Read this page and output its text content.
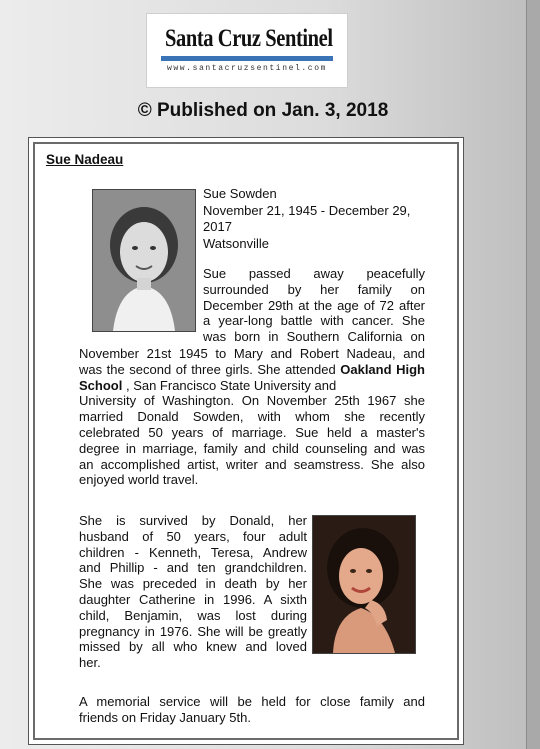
Santa Cruz Sentinel
www.santacruzsentinel.com
© Published on Jan. 3, 2018
Sue Nadeau
Sue Sowden
November 21, 1945 - December 29,
2017
Watsonville
Sue passed away peacefully
surrounded by her family on
December 29th at the age of 72 after
a year-long battle with cancer. She
was born in Southern California on
November 21st 1945 to Mary and Robert Nadeau, and
was the second of three girls. She attended Oakland High School , San Francisco State University and
University of Washington. On November 25th 1967 she
married Donald Sowden, with whom she recently
celebrated 50 years of marriage. Sue held a master's
degree in marriage, family and child counseling and was
an accomplished artist, writer and seamstress. She also
enjoyed world travel.
She is survived by Donald, her
husband of 50 years, four adult
children - Kenneth, Teresa, Andrew
and Phillip - and ten grandchildren.
She was preceded in death by her
daughter Catherine in 1996. A sixth
child, Benjamin, was lost during
pregnancy in 1976. She will be greatly
missed by all who knew and loved
her.
A memorial service will be held for close family and
friends on Friday January 5th.
